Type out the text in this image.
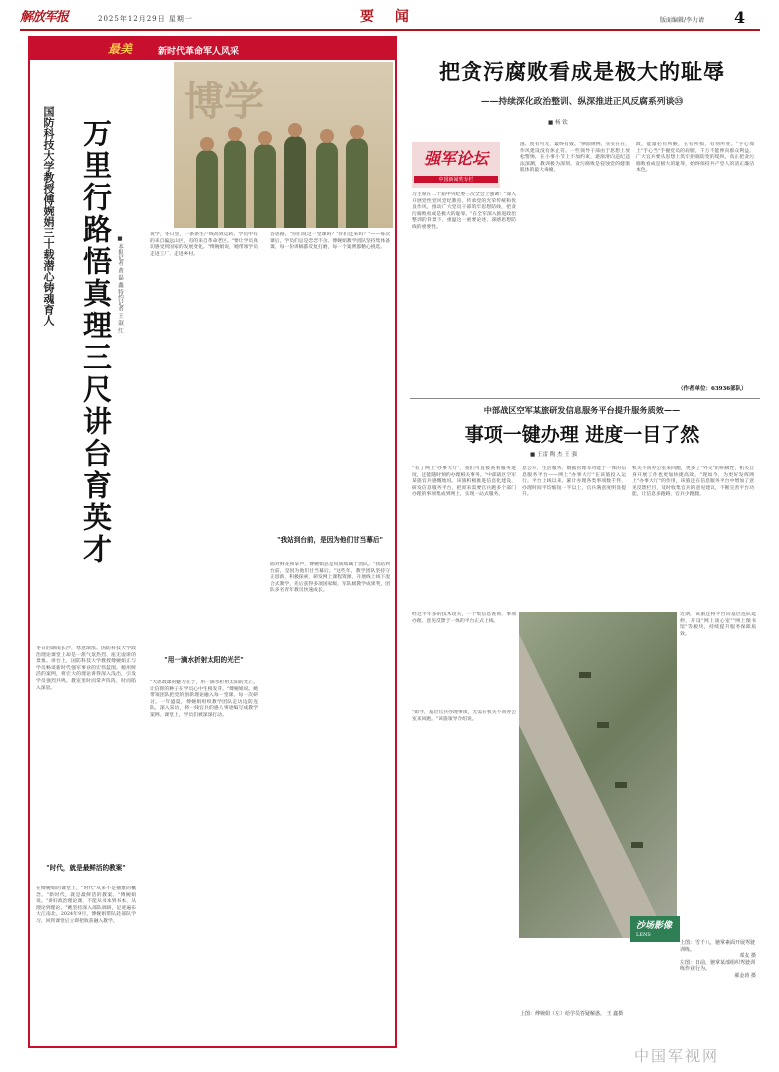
解放军报	2025年12月29日 星期一	要 闻	版面编辑/李力请 4
最美	新时代革命军人风采
博学
万里行路悟真理
三尺讲台育英才
国防科技大学教授傅婉娟三十载潜心铸魂育人	■ 本报记者 黄 磊 鑫 特约记者 王 淑 红
冬日的湖南长沙，寒意渐浓。国防科技大学政治理论课堂上却是一派气氛热烈、座无虚席的景象。讲台上，国防科技大学教授傅婉娟正与学员畅谈新时代强军事业的宏伟蓝图。她用鲜活的案例，将宏大的理论讲得深入浅出，引发学员强烈共鸣。教室里时而掌声阵阵，时而陷入深思。
"时代，就是最鲜活的教案"
在傅婉娟的课堂上，"时代"从来不是抽象的概念。"新时代，就是最鲜活的教案。"傅婉娟说。"讲好政治理论课，不能从书本到书本，从理论到理论。"她坚持深入部队调研，足迹遍布大江南北。2024年9月，傅婉娟带队赴部队学习，回到课堂后立即把收获融入教学。
说学，冬日里，一条条生产线高效运转。学员中有的来自偏远山区，有的来自革命老区。"要让学员真切感受到国家的发展变化。"傅婉娟说，她带领学员走进工厂、走进乡村。
"用一滴水折射太阳的光芒"
"大思政课的魅力在于，用一滴水折射太阳的光芒。让信仰的种子在学员心中生根发芽。"傅婉娟说。她带领团队把党的创新理论融入每一堂课、每一次研讨。一年盛夏，傅婉娟组织教学团队走访边防连队，深入采访，将一线官兵的感人事迹编写成教学案例。课堂上，学员们被深深打动。
答思路。"你们说这一堂课吗？"你们还来吗？"——每次课后，学员们总是恋恋不舍。傅婉娟教学团队坚持集体备课，每一份讲稿都反复打磨，每一个案例都精心挑选。
"我站到台前，是因为他们甘当幕后"
面对鲜花和掌声，傅婉娟总是说成绩属于团队。"我站到台前，是因为他们甘当幕后。"这些年，教学团队坚持守正创新，积极探索，研发网上课程资源，开展线上线下混合式教学，先后获得多项国家级、军队级教学成果奖，团队多名青年教员快速成长。
把贪污腐败看成是极大的耻辱
——持续深化政治整训、纵深推进正风反腐系列谈㉝
■ 杨 钦
强军论坛
中国新闻奖专栏
习主席在二十届中央纪委三次全会上强调："深入开展党性党风党纪教育，传承党的光荣传统和优良作风，推动广大党员干部筑牢思想防线，把贪污腐败看成是极大的耻辱。"在全军深入推进政治整训的背景下，重温这一重要论述，深感思想防线的重要性。
滋、度有可无，最终有毁。"律面规例，实实在在，作风建设没有休止符。一些领导干部由于思想上放松警惕，在小事小节上不加约束，逐渐滑向违纪违法深渊，教训极为深刻。贪污腐败是侵蚀党的健康肌体的最大毒瘤。
政，能量必有所猴，玉有所损，有别所业。"手心加上"手心当"手握党员的肩膀，千万不能伸向群众利益。广大官兵要从思想上筑牢拒腐防变的堤坝，真正把贪污腐败看成是极大的耻辱，始终保持共产党人的清正廉洁本色。
（作者单位：63936部队）
中部战区空军某旅研发信息服务平台提升服务质效——
事项一键办理 进度一目了然
■ 王雷 陶 杰 王 强
"有了网上'办事大厅'，我们可直接查看服务进度，还能随时预约办理相关事务。"中部战区空军某旅官兵感慨地说。该旅积极推进信息化建设，研发信息服务平台，把原来需要官兵跑多个部门办理的事项集成到网上，实现一站式服务。
经过半年多的技术攻关，一个集信息查询、事项办理、意见反馈于一体的平台正式上线。
息公开，生活服务、数据管理等功能于一体的信息服务平台——网上"办事大厅"在该旅投入运行。平台上线以来，累计办理各类事项数千件，办理时间平均缩短一半以上，官兵满意度明显提升。
机关不同办公室来回跑，更多了"外交"的积极性，机关自身开展工作也更加快捷高效。"现如今，为更好发挥网上"办事大厅"的作用，该旅还在信息服务平台中增加了意见反馈栏目，及时收集官兵的意见建议，不断完善平台功能，让信息多跑路、官兵少跑腿。
"如今，基层官兵办理事项，无需在机关不同办公室来回跑。"该旅领导介绍说。
近期，该旅还将平台向基层连队延伸，开设"网上谈心室""网上图书馆"等板块，持续提升服务保障质效。
沙场影像
LENS
上图：雪千八，驰掌素面开展驾驶训练。
邓友 摄
左图：日前，驰掌某部组织驾驶训练作业行为。
郝金涛 摄
上图：傅婉娟（左）给学员答疑解惑。 王 鑫摄
中国军视网
